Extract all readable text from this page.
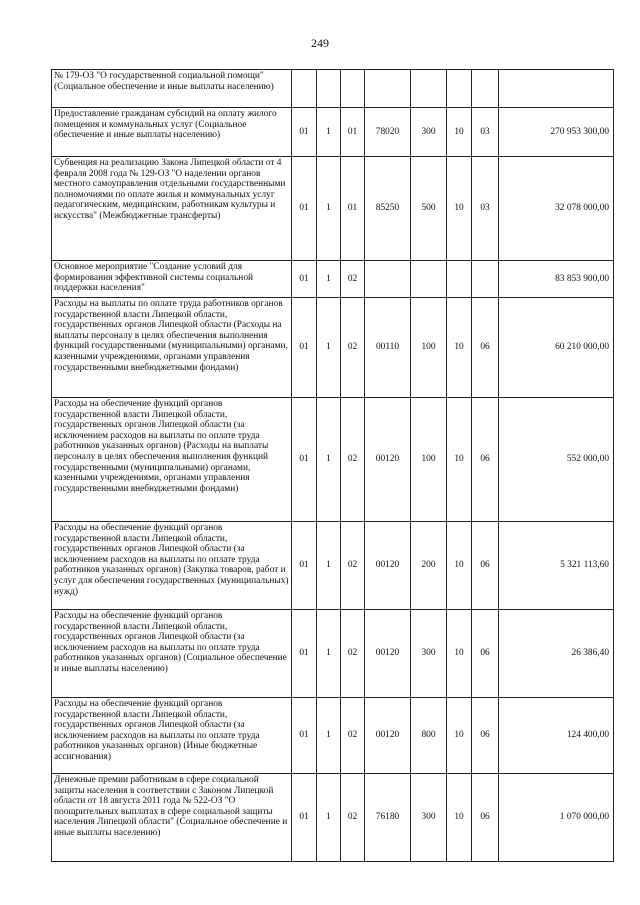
249
№ 179-ОЗ "О государственной социальной помощи" (Социальное обеспечение и иные выплаты населению)								
Предоставление гражданам субсидий на оплату жилого помещения и коммунальных услуг (Социальное обеспечение и иные выплаты населению)	01	1	01	78020	300	10	03	270 953 300,00
Субвенция на реализацию Закона Липецкой области от 4 февраля 2008 года № 129-ОЗ "О наделении органов местного самоуправления отдельными государственными полномочиями по оплате жилья и коммунальных услуг педагогическим, медицинским, работникам культуры и искусства" (Межбюджетные трансферты)	01	1	01	85250	500	10	03	32 078 000,00
Основное мероприятие "Создание условий для формирования эффективной системы социальной поддержки населения"	01	1	02					83 853 900,00
Расходы на выплаты по оплате труда работников органов государственной власти Липецкой области, государственных органов Липецкой области (Расходы на выплаты персоналу в целях обеспечения выполнения функций государственными (муниципальными) органами, казенными учреждениями, органами управления государственными внебюджетными фондами)	01	1	02	00110	100	10	06	60 210 000,00
Расходы на обеспечение функций органов государственной власти Липецкой области, государственных органов Липецкой области (за исключением расходов на выплаты по оплате труда работников указанных органов) (Расходы на выплаты персоналу в целях обеспечения выполнения функций государственными (муниципальными) органами, казенными учреждениями, органами управления государственными внебюджетными фондами)	01	1	02	00120	100	10	06	552 000,00
Расходы на обеспечение функций органов государственной власти Липецкой области, государственных органов Липецкой области (за исключением расходов на выплаты по оплате труда работников указанных органов) (Закупка товаров, работ и услуг для обеспечения государственных (муниципальных) нужд)	01	1	02	00120	200	10	06	5 321 113,60
Расходы на обеспечение функций органов государственной власти Липецкой области, государственных органов Липецкой области (за исключением расходов на выплаты по оплате труда работников указанных органов) (Социальное обеспечение и иные выплаты населению)	01	1	02	00120	300	10	06	26 386,40
Расходы на обеспечение функций органов государственной власти Липецкой области, государственных органов Липецкой области (за исключением расходов на выплаты по оплате труда работников указанных органов) (Иные бюджетные ассигнования)	01	1	02	00120	800	10	06	124 400,00
Денежные премии работникам в сфере социальной защиты населения в соответствии с Законом Липецкой области от 18 августа 2011 года № 522-ОЗ "О поощрительных выплатах в сфере социальной защиты населения Липецкой области" (Социальное обеспечение и иные выплаты населению)	01	1	02	76180	300	10	06	1 070 000,00
